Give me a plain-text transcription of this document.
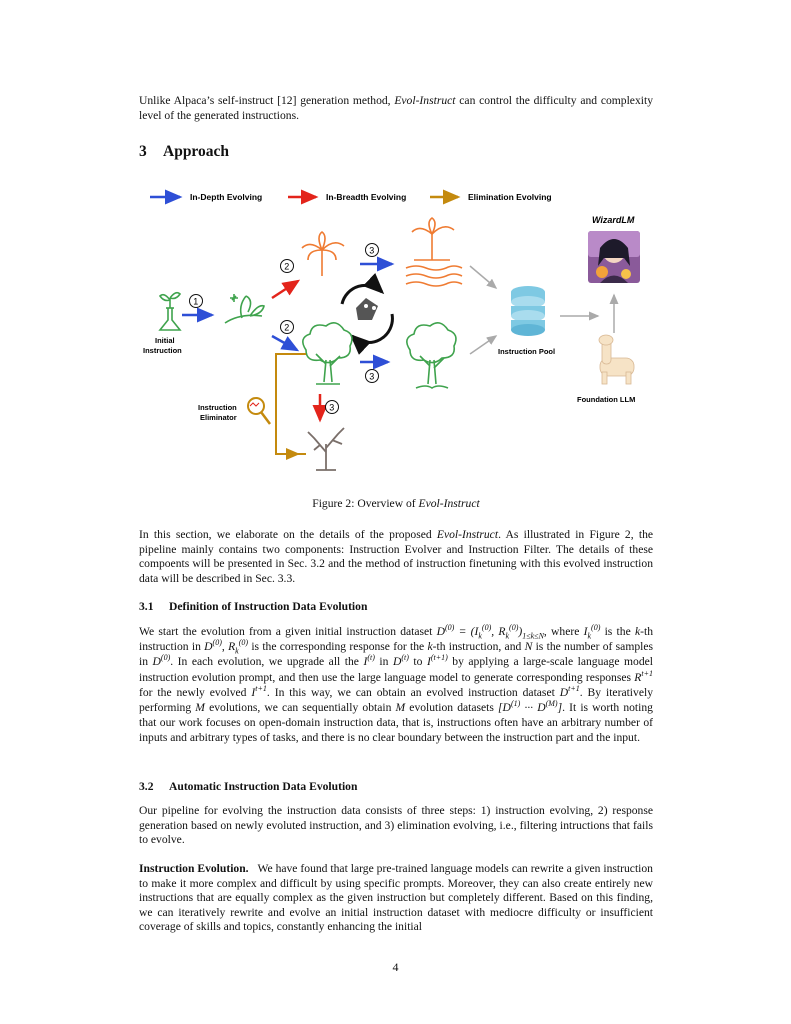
Unlike Alpaca’s self-instruct [12] generation method, Evol-Instruct can control the difficulty and complexity level of the generated instructions.

3 Approach
In-Depth Evolving	In-Breadth Evolving	Elimination Evolving
WizardLM
Initial
Instruction
1
2
2
3
3
Instruction Pool
Foundation LLM
Instruction
Eliminator
3

Figure 2: Overview of Evol-Instruct

In this section, we elaborate on the details of the proposed Evol-Instruct. As illustrated in Figure 2, the pipeline mainly contains two components: Instruction Evolver and Instruction Filter. The details of these compoents will be presented in Sec. 3.2 and the method of instruction finetuning with this evolved instruction data will be described in Sec. 3.3.

3.1 Definition of Instruction Data Evolution

We start the evolution from a given initial instruction dataset $D^{(0)} = (I_k^{(0)}$, $R_k^{(0)})_{1\le k\le N}$, where $I_k^{(0)}$ is the k-th instruction in $D^{(0)}$, $R_k^{(0)}$ is the corresponding response for the k-th instruction, and N is the number of samples in $D^{(0)}$. In each evolution, we upgrade all the $I^{(t)}$ in $D^{(t)}$ to $I^{(t+1)}$ by applying a large-scale language model instruction evolution prompt, and then use the large language model to generate corresponding responses $R^{t+1}$ for the newly evolved $I^{t+1}$. In this way, we can obtain an evolved instruction dataset $D^{t+1}$. By iteratively performing M evolutions, we can sequentially obtain M evolution datasets [$D^{(1)}$ ··· $D^{(M)}$]. It is worth noting that our work focuses on open-domain instruction data, that is, instructions often have an arbitrary number of inputs and arbitrary types of tasks, and there is no clear boundary between the instruction part and the input.

3.2 Automatic Instruction Data Evolution

Our pipeline for evolving the instruction data consists of three steps: 1) instruction evolving, 2) response generation based on newly evoluted instruction, and 3) elimination evolving, i.e., filtering intructions that fails to evolve.

Instruction Evolution. We have found that large pre-trained language models can rewrite a given instruction to make it more complex and difficult by using specific prompts. Moreover, they can also create entirely new instructions that are equally complex as the given instruction but completely different. Based on this finding, we can iteratively rewrite and evolve an initial instruction dataset with mediocre difficulty or insufficient coverage of skills and topics, constantly enhancing the initial

4
